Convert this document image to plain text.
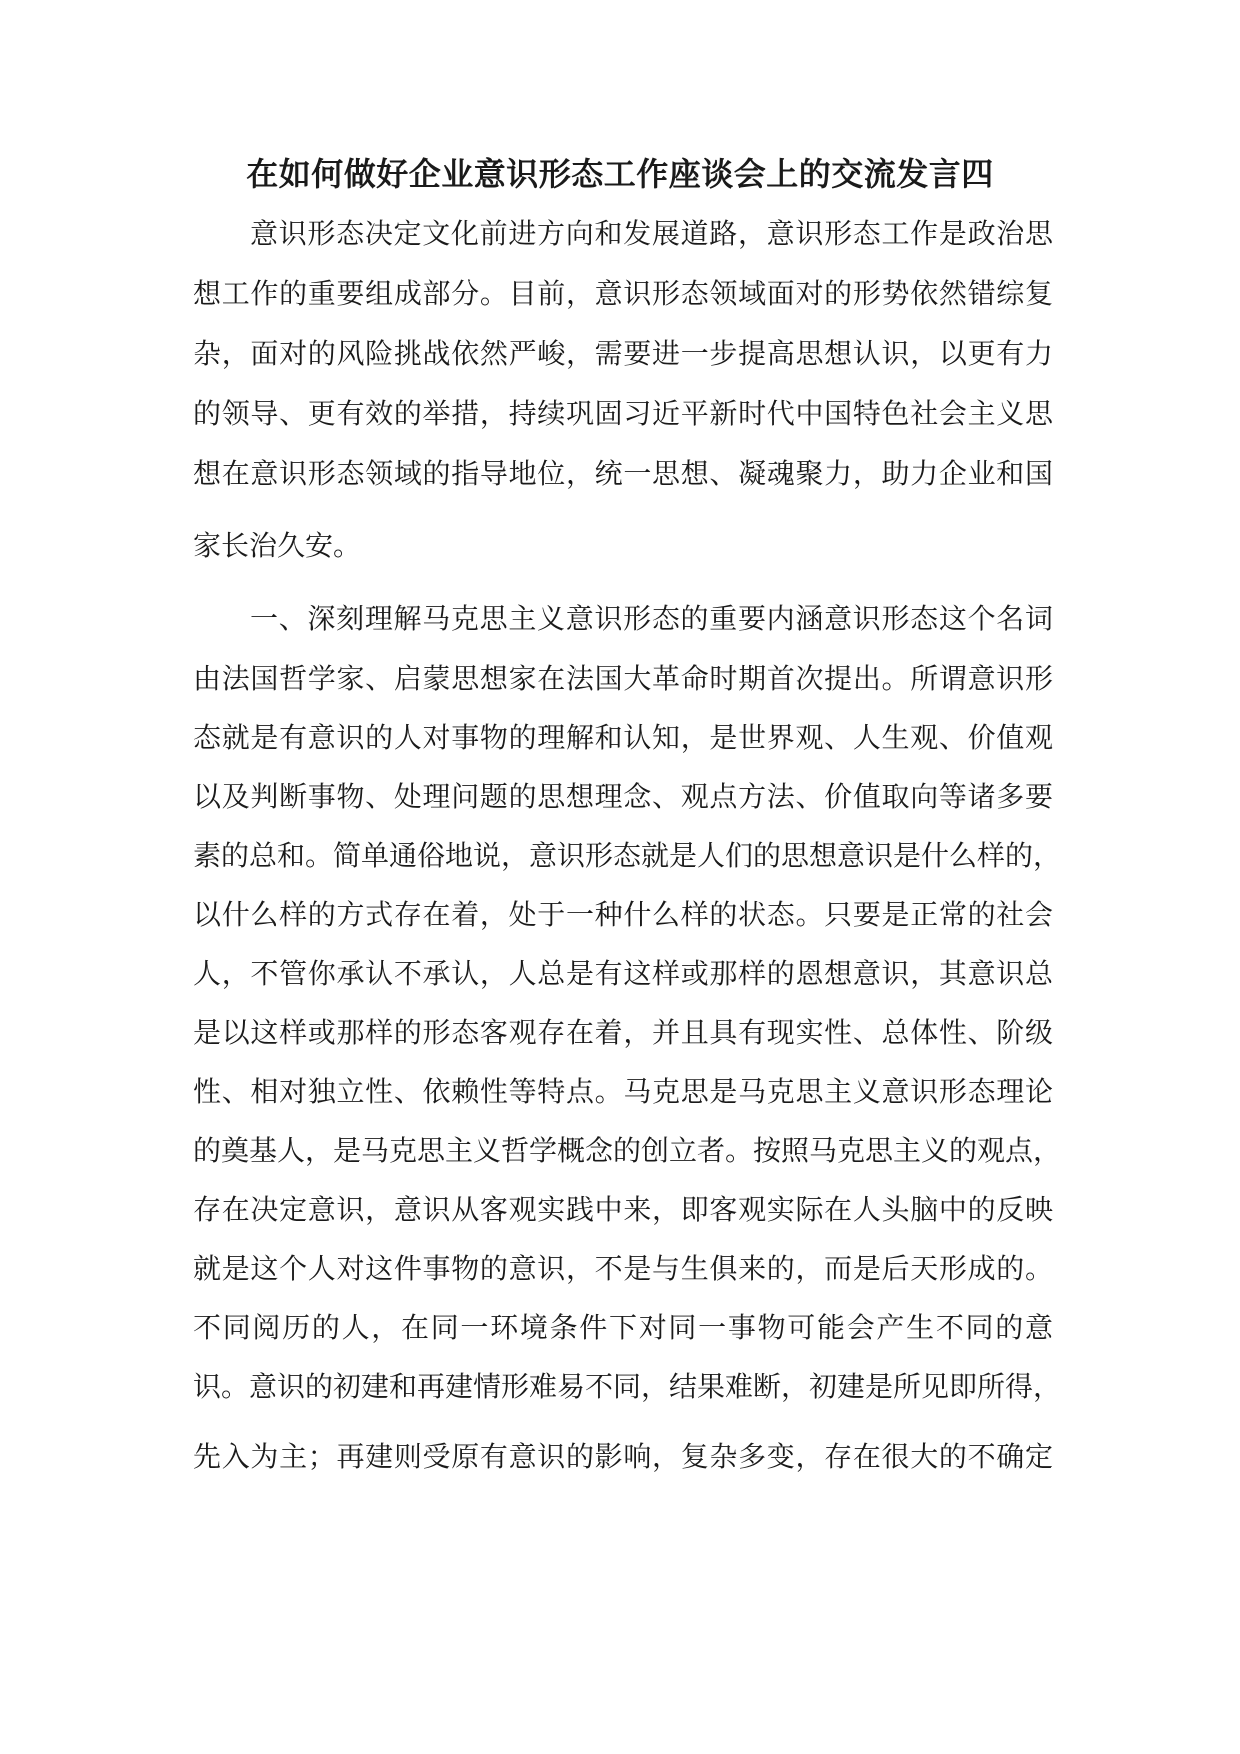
在如何做好企业意识形态工作座谈会上的交流发言四

意识形态决定文化前进方向和发展道路，意识形态工作是政治思

想工作的重要组成部分。目前，意识形态领域面对的形势依然错综复

杂，面对的风险挑战依然严峻，需要进一步提高思想认识，以更有力

的领导、更有效的举措，持续巩固习近平新时代中国特色社会主义思

想在意识形态领域的指导地位，统一思想、凝魂聚力，助力企业和国

家长治久安。

一、深刻理解马克思主义意识形态的重要内涵意识形态这个名词

由法国哲学家、启蒙思想家在法国大革命时期首次提出。所谓意识形

态就是有意识的人对事物的理解和认知，是世界观、人生观、价值观

以及判断事物、处理问题的思想理念、观点方法、价值取向等诸多要

素的总和。简单通俗地说，意识形态就是人们的思想意识是什么样的，

以什么样的方式存在着，处于一种什么样的状态。只要是正常的社会

人，不管你承认不承认，人总是有这样或那样的恩想意识，其意识总

是以这样或那样的形态客观存在着，并且具有现实性、总体性、阶级

性、相对独立性、依赖性等特点。马克思是马克思主义意识形态理论

的奠基人，是马克思主义哲学概念的创立者。按照马克思主义的观点，

存在决定意识，意识从客观实践中来，即客观实际在人头脑中的反映

就是这个人对这件事物的意识，不是与生俱来的，而是后天形成的。

不同阅历的人，在同一环境条件下对同一事物可能会产生不同的意

识。意识的初建和再建情形难易不同，结果难断，初建是所见即所得，

先入为主；再建则受原有意识的影响，复杂多变，存在很大的不确定
